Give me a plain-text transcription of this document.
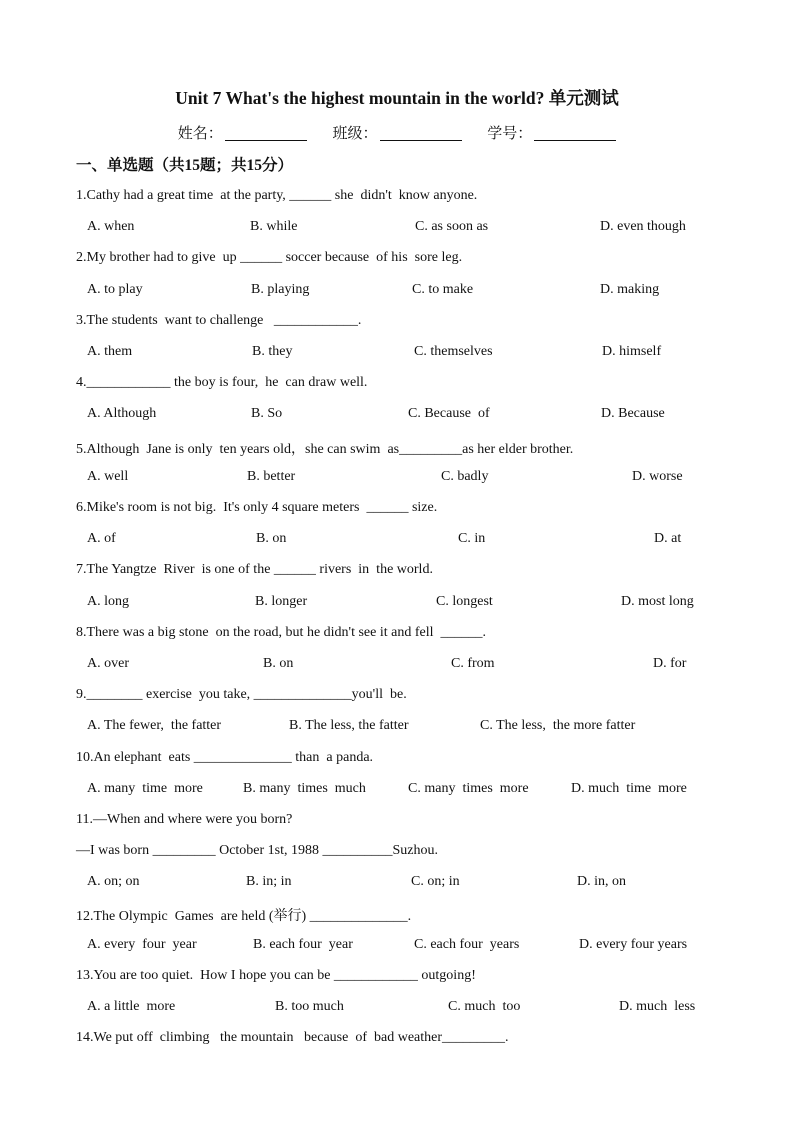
Unit 7 What's the highest mountain in the world? 单元测试
姓名：	班级：	学号：
一、单选题（共15题；共15分）
1.Cathy had a great time  at the party, ______ she  didn't  know anyone.
A. when	B. while	C. as soon as	D. even though
2.My brother had to give  up ______ soccer because  of his  sore leg.
A. to play	B. playing	C. to make	D. making
3.The students  want to challenge   ____________.
A. them	B. they	C. themselves	D. himself
4.____________ the boy is four,  he  can draw well.
A. Although	B. So	C. Because  of	D. Because
5.Although  Jane is only  ten years old，she can swim  as_________as her elder brother.
A. well	B. better	C. badly	D. worse
6.Mike's room is not big.  It's only 4 square meters  ______ size.
A. of	B. on	C. in	D. at
7.The Yangtze  River  is one of the ______ rivers  in  the world.
A. long	B. longer	C. longest	D. most long
8.There was a big stone  on the road, but he didn't see it and fell  ______.
A. over	B. on	C. from	D. for
9.________ exercise  you take, ______________you'll  be.
A. The fewer,  the fatter	B. The less, the fatter	C. The less,  the more fatter
10.An elephant  eats ______________ than  a panda.
A. many  time  more	B. many  times  much	C. many  times  more	D. much  time  more
11.—When and where were you born?
—I was born _________ October 1st, 1988 __________Suzhou.
A. on; on	B. in; in	C. on; in	D. in, on
12.The Olympic  Games  are held (举行) ______________.
A. every  four  year	B. each four  year	C. each four  years	D. every four years
13.You are too quiet.  How I hope you can be ____________ outgoing!
A. a little  more	B. too much	C. much  too	D. much  less
14.We put off  climbing   the mountain   because  of  bad weather_________.
